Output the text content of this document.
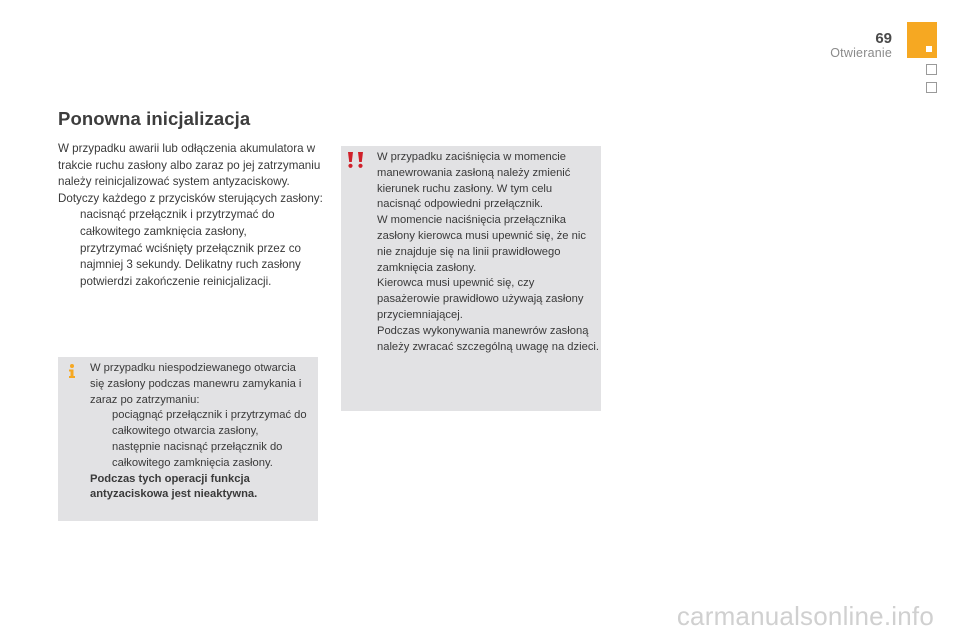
69
Otwieranie
Ponowna inicjalizacja

W przypadku awarii lub odłączenia akumulatora w trakcie ruchu zasłony albo zaraz po jej zatrzymaniu należy reinicjalizować system antyzaciskowy.

Dotyczy każdego z przycisków sterujących zasłony:

nacisnąć przełącznik i przytrzymać do całkowitego zamknięcia zasłony,
przytrzymać wciśnięty przełącznik przez co najmniej 3 sekundy. Delikatny ruch zasłony potwierdzi zakończenie reinicjalizacji.

W przypadku niespodziewanego otwarcia się zasłony podczas manewru zamykania i zaraz po zatrzymaniu:

pociągnąć przełącznik i przytrzymać do całkowitego otwarcia zasłony,
następnie nacisnąć przełącznik do całkowitego zamknięcia zasłony.

Podczas tych operacji funkcja antyzaciskowa jest nieaktywna.

W przypadku zaciśnięcia w momencie manewrowania zasłoną należy zmienić kierunek ruchu zasłony. W tym celu nacisnąć odpowiedni przełącznik.

W momencie naciśnięcia przełącznika zasłony kierowca musi upewnić się, że nic nie znajduje się na linii prawidłowego zamknięcia zasłony.

Kierowca musi upewnić się, czy pasażerowie prawidłowo używają zasłony przyciemniającej.

Podczas wykonywania manewrów zasłoną należy zwracać szczególną uwagę na dzieci.

carmanualsonline.info
